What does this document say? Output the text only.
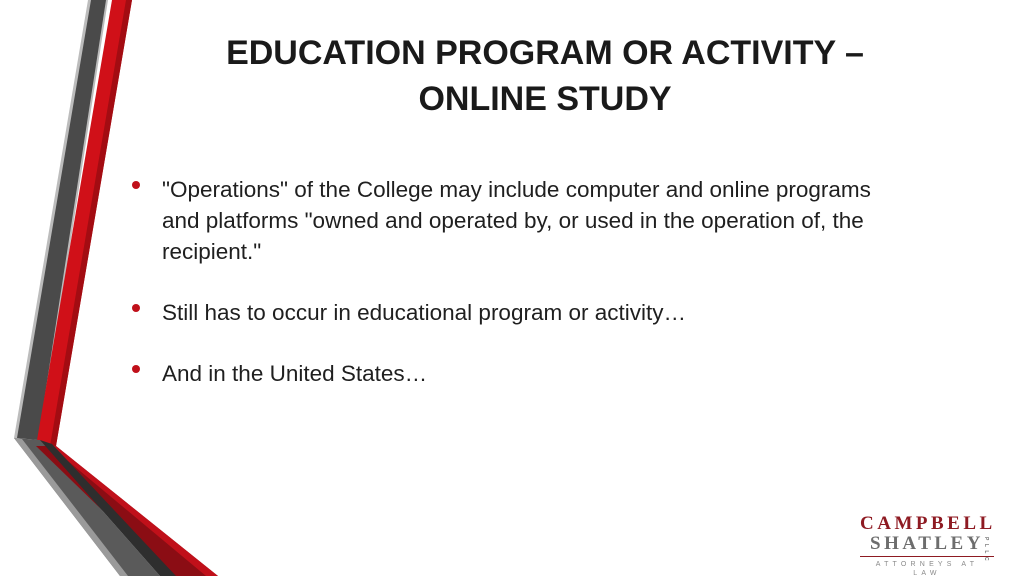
EDUCATION PROGRAM OR ACTIVITY –
ONLINE STUDY
"Operations" of the College may include computer and online programs and platforms "owned and operated by, or used in the operation of, the recipient."
Still has to occur in educational program or activity…
And in the United States…
CAMPBELL
SHATLEY PLLC
ATTORNEYS AT LAW
